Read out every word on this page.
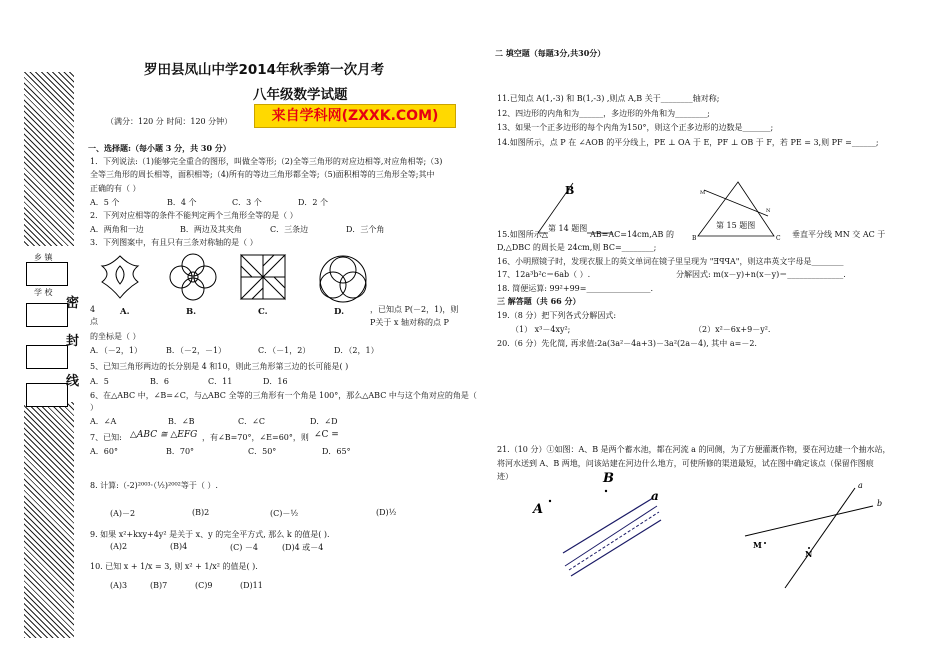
乡 镇
学 校
密
封
线
罗田县凤山中学2014年秋季第一次月考
八年级数学试题
来自学科网(ZXXK.COM)
（满分：120 分 时间：120 分钟）
一、选择题:（每小题 3 分，共 30 分）
1．下列说法:（1)能够完全重合的图形，叫做全等形;（2)全等三角形的对应边相等,对应角相等;（3)
全等三角形的周长相等，面积相等;（4)所有的等边三角形都全等;（5)面积相等的三角形全等;其中
正确的有（ ）
A．5 个	B．4 个	C．3 个	D．2 个
2．下列对应相等的条件不能判定两个三角形全等的是（ ）
A．两角和一边	B．两边及其夹角	C．三条边	D．三个角
3．下列图案中，有且只有三条对称轴的是（ ）
A.	B.	C.	D.
4
点
，已知点 P(－2，1)，则
P关于 x 轴对称的点 P
的坐标是（ ）
A．（－2，1）	B．（－2，－1）	C．（－1，2）	D．（2，1）
5、已知三角形两边的长分别是 4 和10，则此三角形第三边的长可能是( )
A．5	B．6	C．11	D．16
6、在△ABC 中，∠B=∠C，与△ABC 全等的三角形有一个角是 100°，那么△ABC 中与这个角对应的角是（
）
A．∠A	B．∠B	C．∠C	D．∠D
7、已知: △ABC ≅ △EFG ，有∠B=70°，∠E=60°，则 ∠C =
A．60°	B．70°	C．50°	D．65°
8. 计算:（-2)²⁰⁰³·（½)²⁰⁰²等于（ ）.
(A)－2	(B)2	(C)－½	(D)½
9. 如果 x²+kxy+4y² 是关于 x、y 的完全平方式, 那么 k 的值是( ).
(A)2	(B)4	(C) －4	(D)4 或－4
10. 已知 x + 1/x = 3, 则 x² + 1/x² 的值是( ).
(A)3	(B)7	(C)9	(D)11
二 填空题（每题3分,共30分）
11.已知点 A(1,-3) 和 B(1,-3) ,则点 A,B 关于________轴对称;
12、四边形的内角和为______，多边形的外角和为________;
13、如果一个正多边形的每个内角为150°，则这个正多边形的边数是_______;
14.如图所示，点 P 在 ∠AOB 的平分线上，PE ⊥ OA 于 E，PF ⊥ OB 于 F，若 PE = 3,则 PF =______;
B
第 14 题图
M
N
B	C
第 15 题图
15.如图所示△	AB=AC=14cm,AB 的	垂直平分线 MN 交 AC 于
D,△DBC 的周长是 24cm,则 BC=________;
16、小明照镜子时，发现衣服上的英文单词在镜子里呈现为 "ƎꟼꟼA"，则这串英文字母是________
17、12a³b²c＝6ab（ ）.	分解因式: m(x－y)+n(x－y)＝______________.
18. 简便运算: 99²+99=________________.
三 解答题（共 66 分）
19.（8 分）把下列各式分解因式:
（1） x³－4xy²;	（2）x²－6x+9－y².
20.（6 分）先化简, 再求值:2a(3a²－4a+3)－3a²(2a－4), 其中 a=－2.
21.（10 分）①如图：A、B 是两个蓄水池，都在河流 a 的同侧，为了方便灌溉作物，要在河边建一个抽水站，
将河水送到 A、B 两地，问该站建在河边什么地方，可使所修的渠道最短，试在图中确定该点（保留作图痕
迹）
A
B
a
a
b
M
N
